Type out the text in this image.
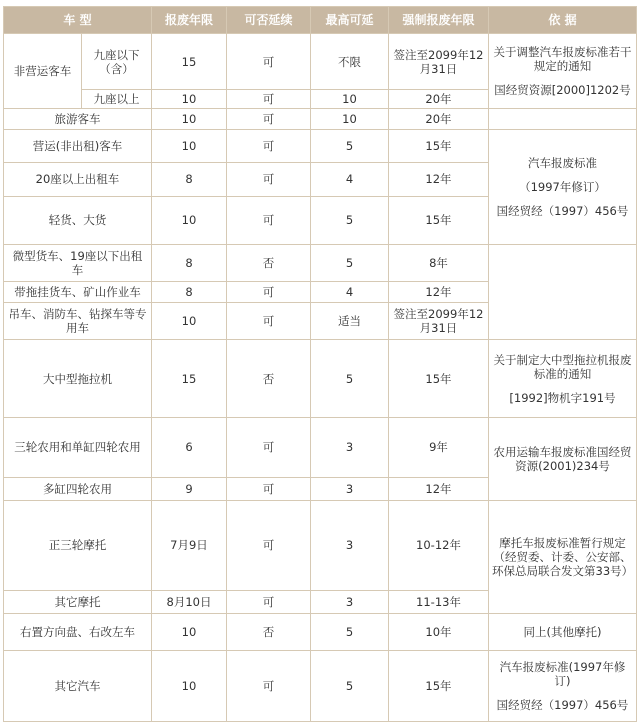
车 型		报废年限	可否延续	最高可延	强制报废年限	依 据
非营运客车	九座以下（含）	15	可	不限	签注至2099年12月31日	关于调整汽车报废标准若干规定的通知
国经贸资源[2000]1202号
	九座以上	10	可	10	20年	
旅游客车		10	可	10	20年	
营运(非出租)客车		10	可	5	15年	汽车报废标准
（1997年修订）
国经贸经（1997）456号
20座以上出租车		8	可	4	12年	
轻货、大货		10	可	5	15年	
微型货车、19座以下出租车		8	否	5	8年	
带拖挂货车、矿山作业车		8	可	4	12年	
吊车、消防车、钻探车等专用车		10	可	适当	签注至2099年12月31日	
大中型拖拉机		15	否	5	15年	关于制定大中型拖拉机报废标准的通知
[1992]物机字191号
三轮农用和单缸四轮农用		6	可	3	9年	农用运输车报废标准国经贸资源(2001)234号
多缸四轮农用		9	可	3	12年	
正三轮摩托		7月9日	可	3	10-12年	摩托车报废标准暂行规定（经贸委、计委、公安部、环保总局联合发文第33号）
其它摩托		8月10日	可	3	11-13年	
右置方向盘、右改左车		10	否	5	10年	同上(其他摩托)
其它汽车		10	可	5	15年	汽车报废标准(1997年修订)
国经贸经（1997）456号
